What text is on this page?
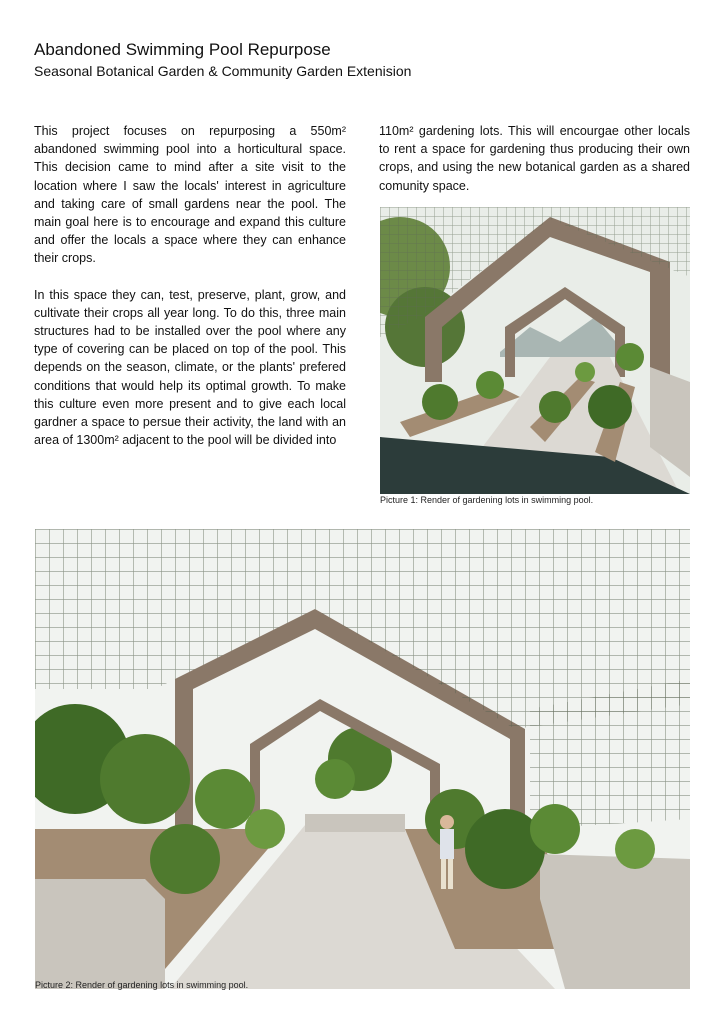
Abandoned Swimming Pool Repurpose
Seasonal Botanical Garden & Community Garden Extenision

This project focuses on repurposing a 550m² abandoned swimming pool into a horticultural space. This decision came to mind after a site visit to the location where I saw the locals' interest in agriculture and taking care of small gardens near the pool. The main goal here is to encourage and expand this culture and offer the locals a space where they can enhance their crops.

In this space they can, test, preserve, plant, grow, and cultivate their crops all year long. To do this, three main structures had to be installed over the pool where any type of covering can be placed on top of the pool. This depends on the season, climate, or the plants' prefered conditions that would help its optimal growth. To make this culture even more present and to give each local gardner a space to persue their activity, the land with an area of 1300m² adjacent to the pool will be divided into

110m² gardening lots. This will encourgae other locals to rent a space for gardening thus producing their own crops, and using the new botanical garden as a shared comunity space.

Picture 1: Render of gardening lots in swimming pool.
Picture 2: Render of gardening lots in swimming pool.
